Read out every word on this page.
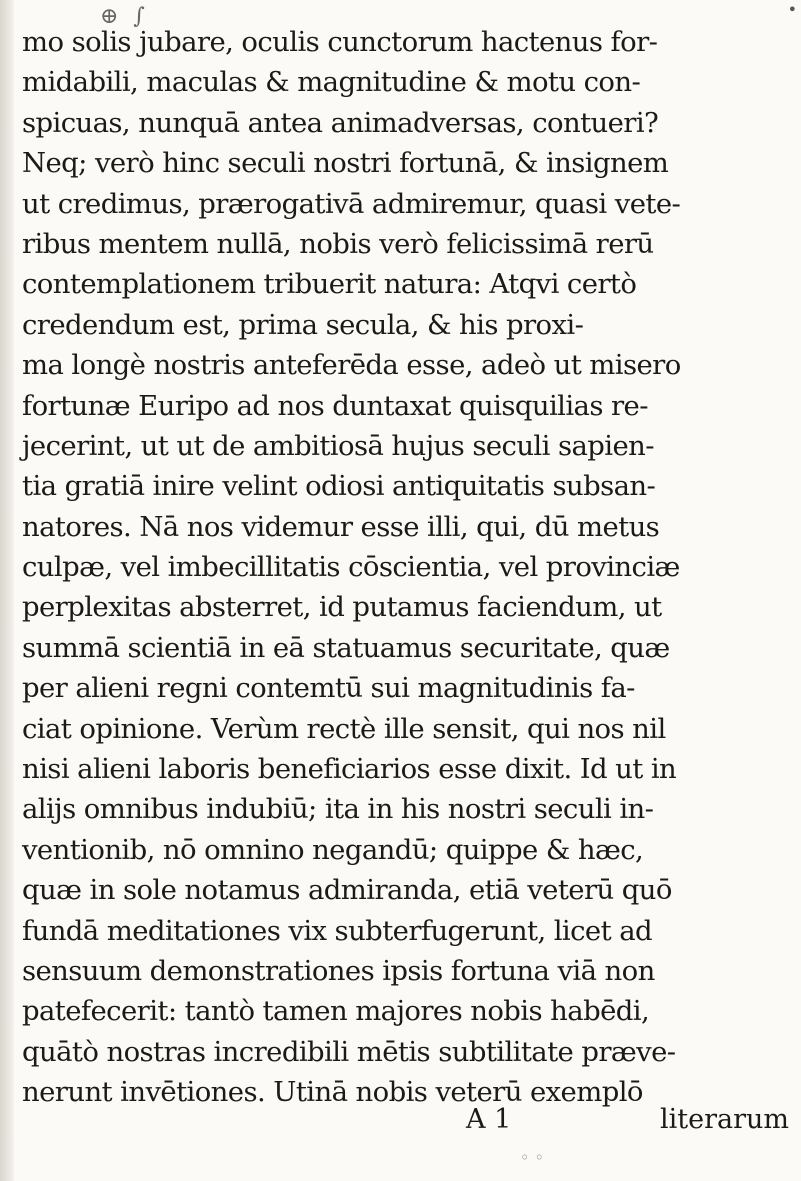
⊕ ∫	•
mo solis jubare, oculis cunctorum hactenus for-
midabili, maculas & magnitudine & motu con-
spicuas, nunquā antea animadversas, contueri?
Neq; verò hinc seculi nostri fortunā, & insignem
ut credimus, prærogativā admiremur, quasi vete-
ribus mentem nullā, nobis verò felicissimā rerū
contemplationem tribuerit natura: Atqvi certò
credendum est, prima secula, & his proxi-
ma longè nostris anteferēda esse, adeò ut misero
fortunæ Euripo ad nos duntaxat quisquilias re-
jecerint, ut ut de ambitiosā hujus seculi sapien-
tia gratiā inire velint odiosi antiquitatis subsan-
natores. Nā nos videmur esse illi, qui, dū metus
culpæ, vel imbecillitatis cōscientia, vel provinciæ
perplexitas absterret, id putamus faciendum, ut
summā scientiā in eā statuamus securitate, quæ
per alieni regni contemtū sui magnitudinis fa-
ciat opinione. Verùm rectè ille sensit, qui nos nil
nisi alieni laboris beneficiarios esse dixit. Id ut in
alijs omnibus indubiū; ita in his nostri seculi in-
ventionib, nō omnino negandū; quippe & hæc,
quæ in sole notamus admiranda, etiā veterū quō
fundā meditationes vix subterfugerunt, licet ad
sensuum demonstrationes ipsis fortuna viā non
patefecerit: tantò tamen majores nobis habēdi,
quātò nostras incredibili mētis subtilitate præve-
nerunt invētiones. Utinā nobis veterū exemplō
A 1	literarum
◦ ◦
